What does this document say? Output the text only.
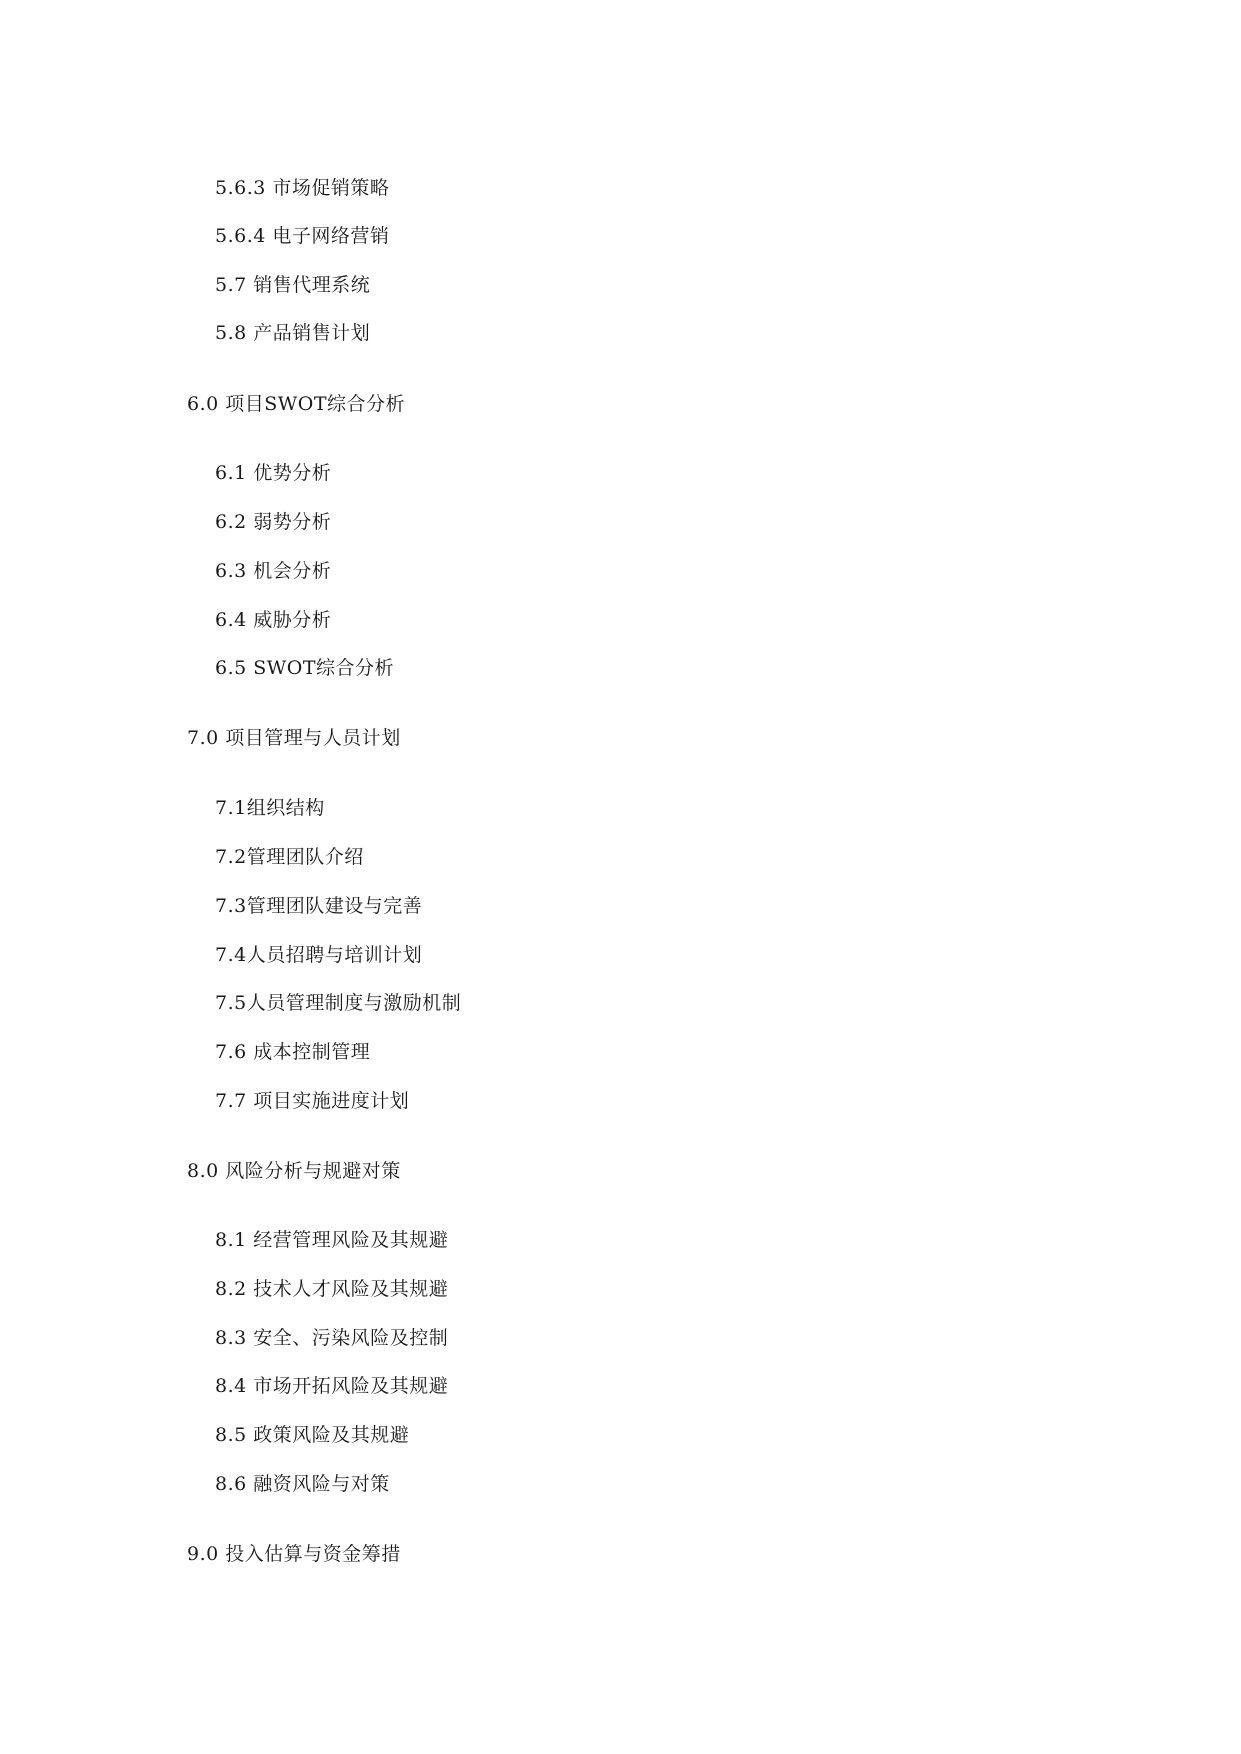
5.6.3 市场促销策略
5.6.4 电子网络营销
5.7 销售代理系统
5.8 产品销售计划
6.0 项目SWOT综合分析
6.1 优势分析
6.2 弱势分析
6.3 机会分析
6.4 威胁分析
6.5 SWOT综合分析
7.0 项目管理与人员计划
7.1组织结构
7.2管理团队介绍
7.3管理团队建设与完善
7.4人员招聘与培训计划
7.5人员管理制度与激励机制
7.6 成本控制管理
7.7 项目实施进度计划
8.0 风险分析与规避对策
8.1 经营管理风险及其规避
8.2 技术人才风险及其规避
8.3 安全、污染风险及控制
8.4 市场开拓风险及其规避
8.5 政策风险及其规避
8.6 融资风险与对策
9.0 投入估算与资金筹措
